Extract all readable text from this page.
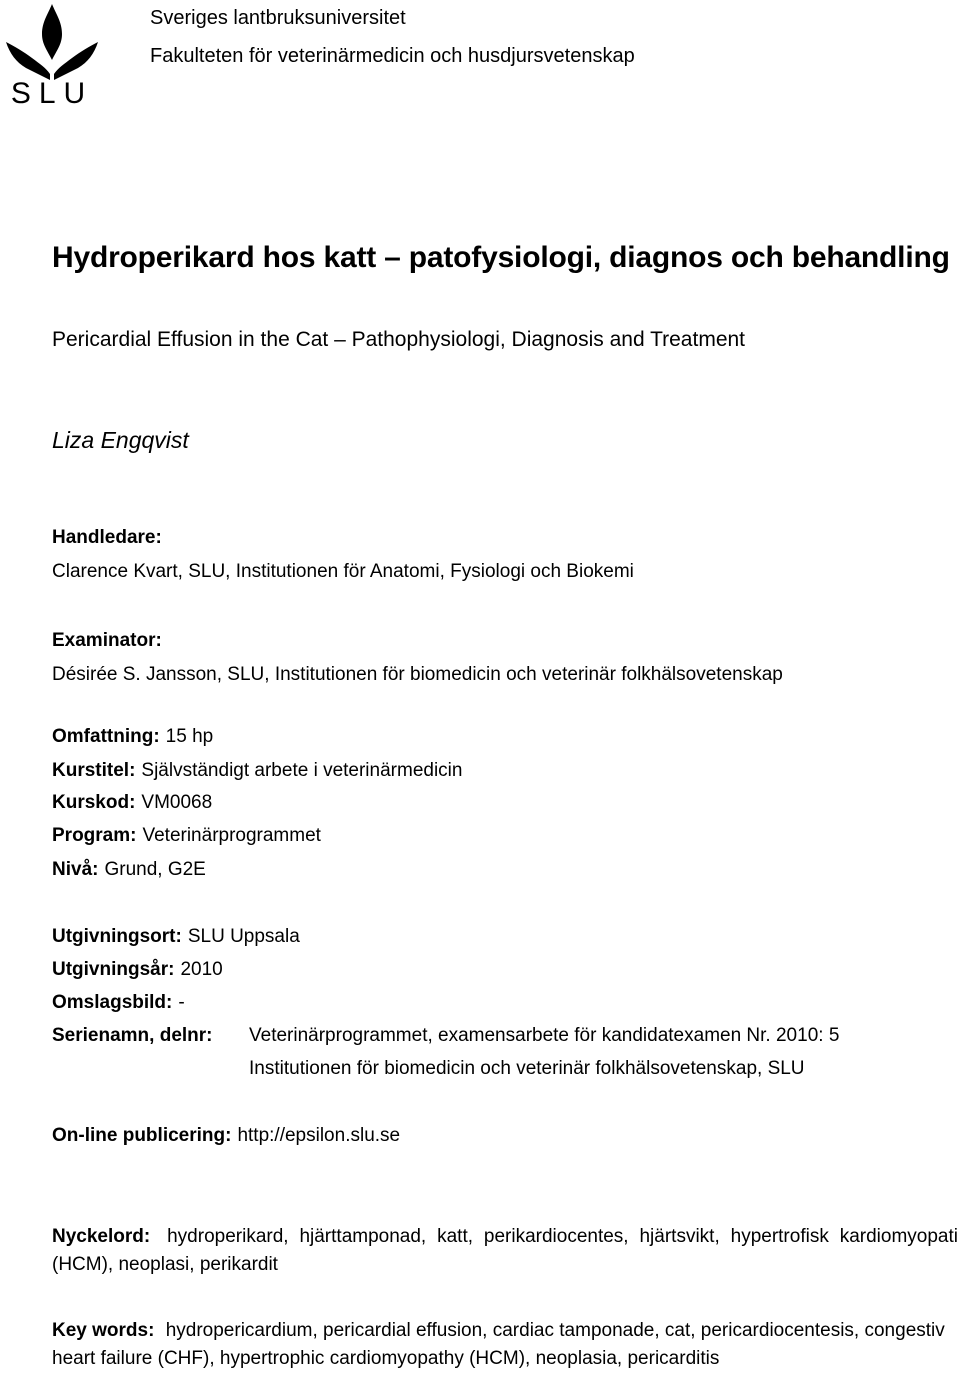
SLU
Sveriges lantbruksuniversitet
Fakulteten för veterinärmedicin och husdjursvetenskap
Hydroperikard hos katt – patofysiologi, diagnos och behandling
Pericardial Effusion in the Cat – Pathophysiologi, Diagnosis and Treatment
Liza Engqvist
Handledare:
Clarence Kvart, SLU, Institutionen för Anatomi, Fysiologi och Biokemi
Examinator:
Désirée S. Jansson, SLU, Institutionen för biomedicin och veterinär folkhälsovetenskap
Omfattning: 15 hp
Kurstitel: Självständigt arbete i veterinärmedicin
Kurskod: VM0068
Program: Veterinärprogrammet
Nivå: Grund, G2E
Utgivningsort: SLU Uppsala
Utgivningsår: 2010
Omslagsbild: -
Serienamn, delnr: Veterinärprogrammet, examensarbete för kandidatexamen Nr. 2010: 5
Institutionen för biomedicin och veterinär folkhälsovetenskap, SLU
On-line publicering: http://epsilon.slu.se
Nyckelord: hydroperikard, hjärttamponad, katt, perikardiocentes, hjärtsvikt, hypertrofisk kardiomyopati (HCM), neoplasi, perikardit
Key words: hydropericardium, pericardial effusion, cardiac tamponade, cat, pericardiocentesis, congestiv heart failure (CHF), hypertrophic cardiomyopathy (HCM), neoplasia, pericarditis
